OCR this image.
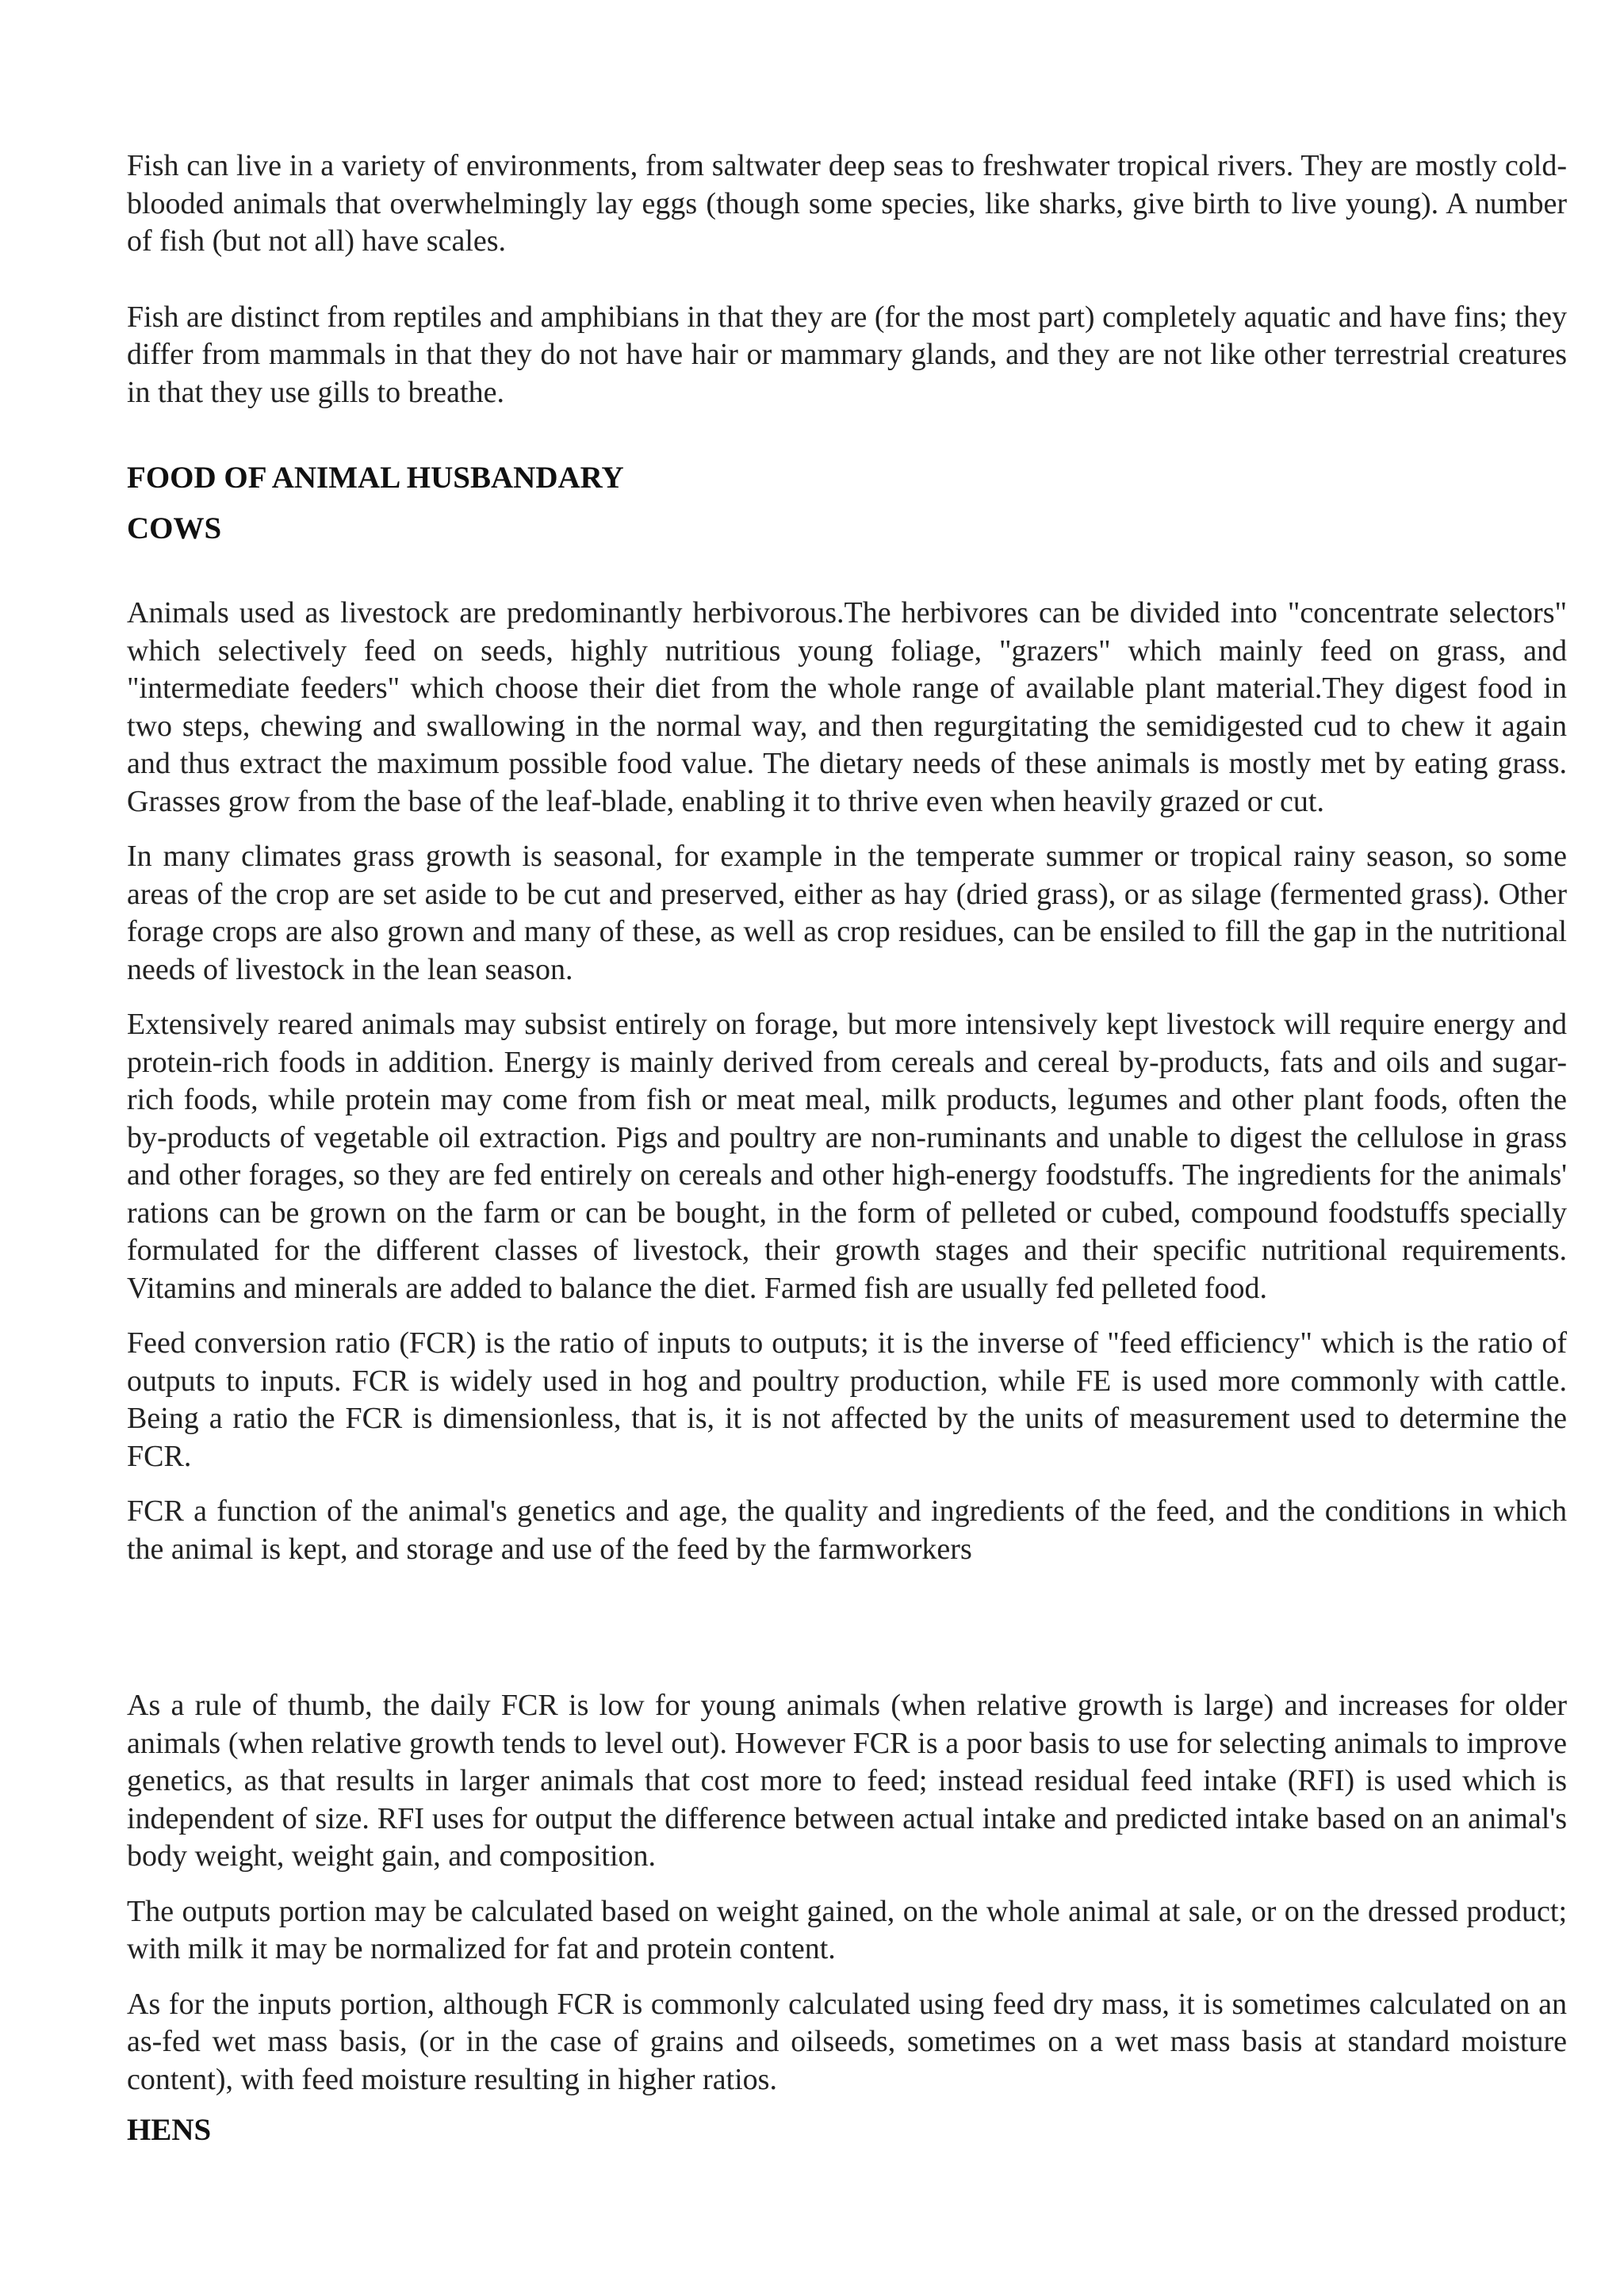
Fish can live in a variety of environments, from saltwater deep seas to freshwater tropical rivers. They are mostly cold-blooded animals that overwhelmingly lay eggs (though some species, like sharks, give birth to live young). A number of fish (but not all) have scales.

Fish are distinct from reptiles and amphibians in that they are (for the most part) completely aquatic and have fins; they differ from mammals in that they do not have hair or mammary glands, and they are not like other terrestrial creatures in that they use gills to breathe.

FOOD OF ANIMAL HUSBANDARY
COWS

Animals used as livestock are predominantly herbivorous.The herbivores can be divided into "concentrate selectors" which selectively feed on seeds, highly nutritious young foliage, "grazers" which mainly feed on grass, and "intermediate feeders" which choose their diet from the whole range of available plant material.They digest food in two steps, chewing and swallowing in the normal way, and then regurgitating the semidigested cud to chew it again and thus extract the maximum possible food value. The dietary needs of these animals is mostly met by eating grass. Grasses grow from the base of the leaf-blade, enabling it to thrive even when heavily grazed or cut.

In many climates grass growth is seasonal, for example in the temperate summer or tropical rainy season, so some areas of the crop are set aside to be cut and preserved, either as hay (dried grass), or as silage (fermented grass). Other forage crops are also grown and many of these, as well as crop residues, can be ensiled to fill the gap in the nutritional needs of livestock in the lean season.

Extensively reared animals may subsist entirely on forage, but more intensively kept livestock will require energy and protein-rich foods in addition. Energy is mainly derived from cereals and cereal by-products, fats and oils and sugar-rich foods, while protein may come from fish or meat meal, milk products, legumes and other plant foods, often the by-products of vegetable oil extraction. Pigs and poultry are non-ruminants and unable to digest the cellulose in grass and other forages, so they are fed entirely on cereals and other high-energy foodstuffs. The ingredients for the animals' rations can be grown on the farm or can be bought, in the form of pelleted or cubed, compound foodstuffs specially formulated for the different classes of livestock, their growth stages and their specific nutritional requirements. Vitamins and minerals are added to balance the diet. Farmed fish are usually fed pelleted food.

Feed conversion ratio (FCR) is the ratio of inputs to outputs; it is the inverse of "feed efficiency" which is the ratio of outputs to inputs. FCR is widely used in hog and poultry production, while FE is used more commonly with cattle. Being a ratio the FCR is dimensionless, that is, it is not affected by the units of measurement used to determine the FCR.

FCR a function of the animal's genetics and age, the quality and ingredients of the feed, and the conditions in which the animal is kept, and storage and use of the feed by the farmworkers

As a rule of thumb, the daily FCR is low for young animals (when relative growth is large) and increases for older animals (when relative growth tends to level out). However FCR is a poor basis to use for selecting animals to improve genetics, as that results in larger animals that cost more to feed; instead residual feed intake (RFI) is used which is independent of size. RFI uses for output the difference between actual intake and predicted intake based on an animal's body weight, weight gain, and composition.

The outputs portion may be calculated based on weight gained, on the whole animal at sale, or on the dressed product; with milk it may be normalized for fat and protein content.

As for the inputs portion, although FCR is commonly calculated using feed dry mass, it is sometimes calculated on an as-fed wet mass basis, (or in the case of grains and oilseeds, sometimes on a wet mass basis at standard moisture content), with feed moisture resulting in higher ratios.

HENS
